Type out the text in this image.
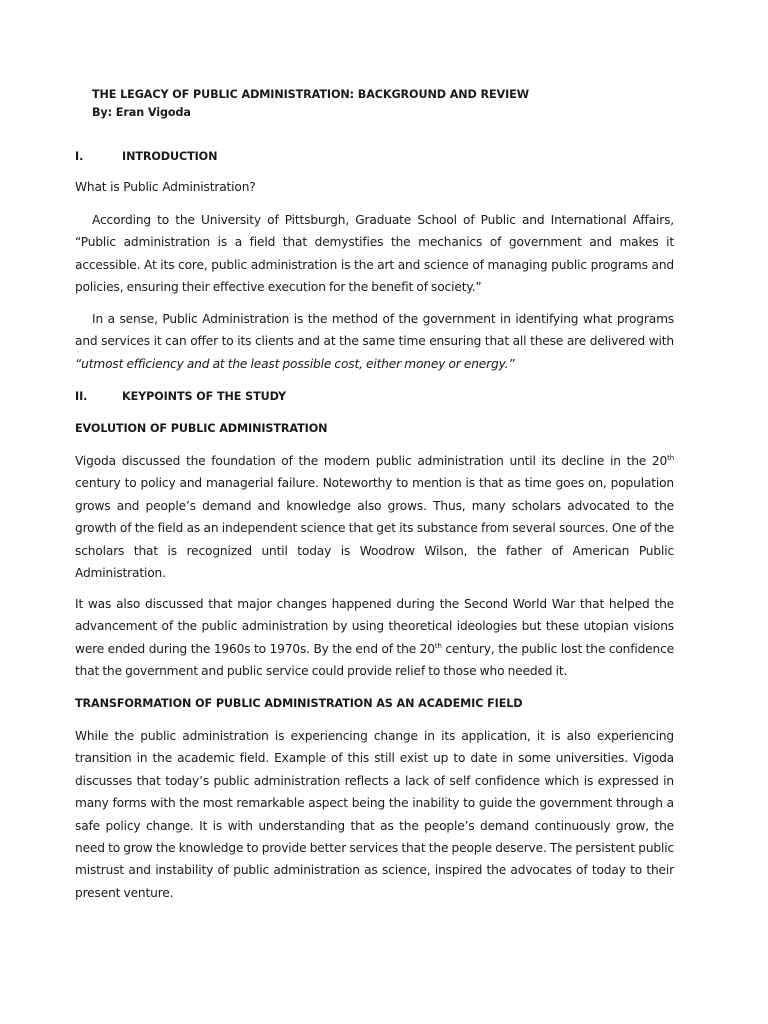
THE LEGACY OF PUBLIC ADMINISTRATION: BACKGROUND AND REVIEW
By: Eran Vigoda
I.	INTRODUCTION
What is Public Administration?

According to the University of Pittsburgh, Graduate School of Public and International Affairs, “Public administration is a field that demystifies the mechanics of government and makes it accessible. At its core, public administration is the art and science of managing public programs and policies, ensuring their effective execution for the benefit of society.”

In a sense, Public Administration is the method of the government in identifying what programs and services it can offer to its clients and at the same time ensuring that all these are delivered with “utmost efficiency and at the least possible cost, either money or energy.”

II.	KEYPOINTS OF THE STUDY
EVOLUTION OF PUBLIC ADMINISTRATION

Vigoda discussed the foundation of the modern public administration until its decline in the 20th century to policy and managerial failure. Noteworthy to mention is that as time goes on, population grows and people’s demand and knowledge also grows. Thus, many scholars advocated to the growth of the field as an independent science that get its substance from several sources. One of the scholars that is recognized until today is Woodrow Wilson, the father of American Public Administration.

It was also discussed that major changes happened during the Second World War that helped the advancement of the public administration by using theoretical ideologies but these utopian visions were ended during the 1960s to 1970s. By the end of the 20th century, the public lost the confidence that the government and public service could provide relief to those who needed it.

TRANSFORMATION OF PUBLIC ADMINISTRATION AS AN ACADEMIC FIELD

While the public administration is experiencing change in its application, it is also experiencing transition in the academic field. Example of this still exist up to date in some universities. Vigoda discusses that today’s public administration reflects a lack of self confidence which is expressed in many forms with the most remarkable aspect being the inability to guide the government through a safe policy change. It is with understanding that as the people’s demand continuously grow, the need to grow the knowledge to provide better services that the people deserve. The persistent public mistrust and instability of public administration as science, inspired the advocates of today to their present venture.
